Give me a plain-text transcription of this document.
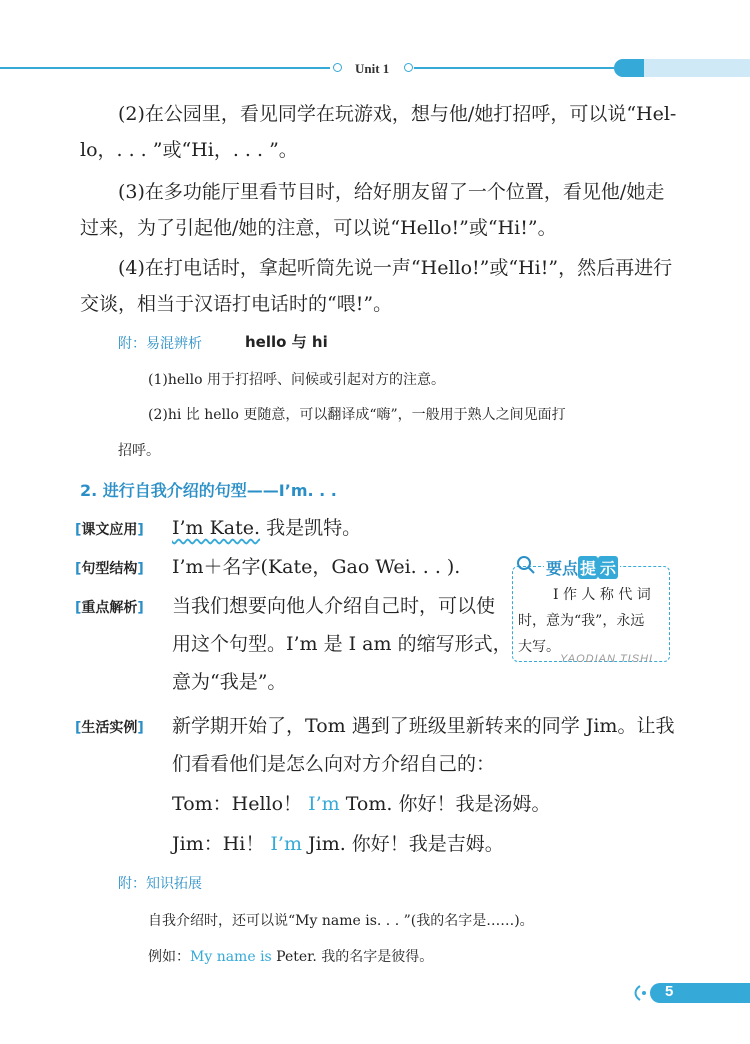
Unit 1
(2)在公园里，看见同学在玩游戏，想与他/她打招呼，可以说“Hel-
lo，. . . ”或“Hi，. . . ”。
(3)在多功能厅里看节目时，给好朋友留了一个位置，看见他/她走
过来，为了引起他/她的注意，可以说“Hello!”或“Hi!”。
(4)在打电话时，拿起听筒先说一声“Hello!”或“Hi!”，然后再进行
交谈，相当于汉语打电话时的“喂!”。
附：易混辨析	hello 与 hi
(1)hello 用于打招呼、问候或引起对方的注意。
(2)hi 比 hello 更随意，可以翻译成“嗨”，一般用于熟人之间见面打
招呼。
2. 进行自我介绍的句型——I’m. . .
[课文应用] I’m Kate. 我是凯特。
[句型结构] I’m＋名字(Kate，Gao Wei. . . ).
[重点解析] 当我们想要向他人介绍自己时，可以使
用这个句型。I’m 是 I am 的缩写形式，
意为“我是”。
要点 提 示
I 作 人 称 代 词
时，意为“我”，永远
大写。
YAODIAN TISHI
[生活实例] 新学期开始了，Tom 遇到了班级里新转来的同学 Jim。让我
们看看他们是怎么向对方介绍自己的：
Tom：Hello！ I’m Tom. 你好！我是汤姆。
Jim：Hi！ I’m Jim. 你好！我是吉姆。
附：知识拓展
自我介绍时，还可以说“My name is. . . ”(我的名字是……)。
例如：My name is Peter. 我的名字是彼得。
5
